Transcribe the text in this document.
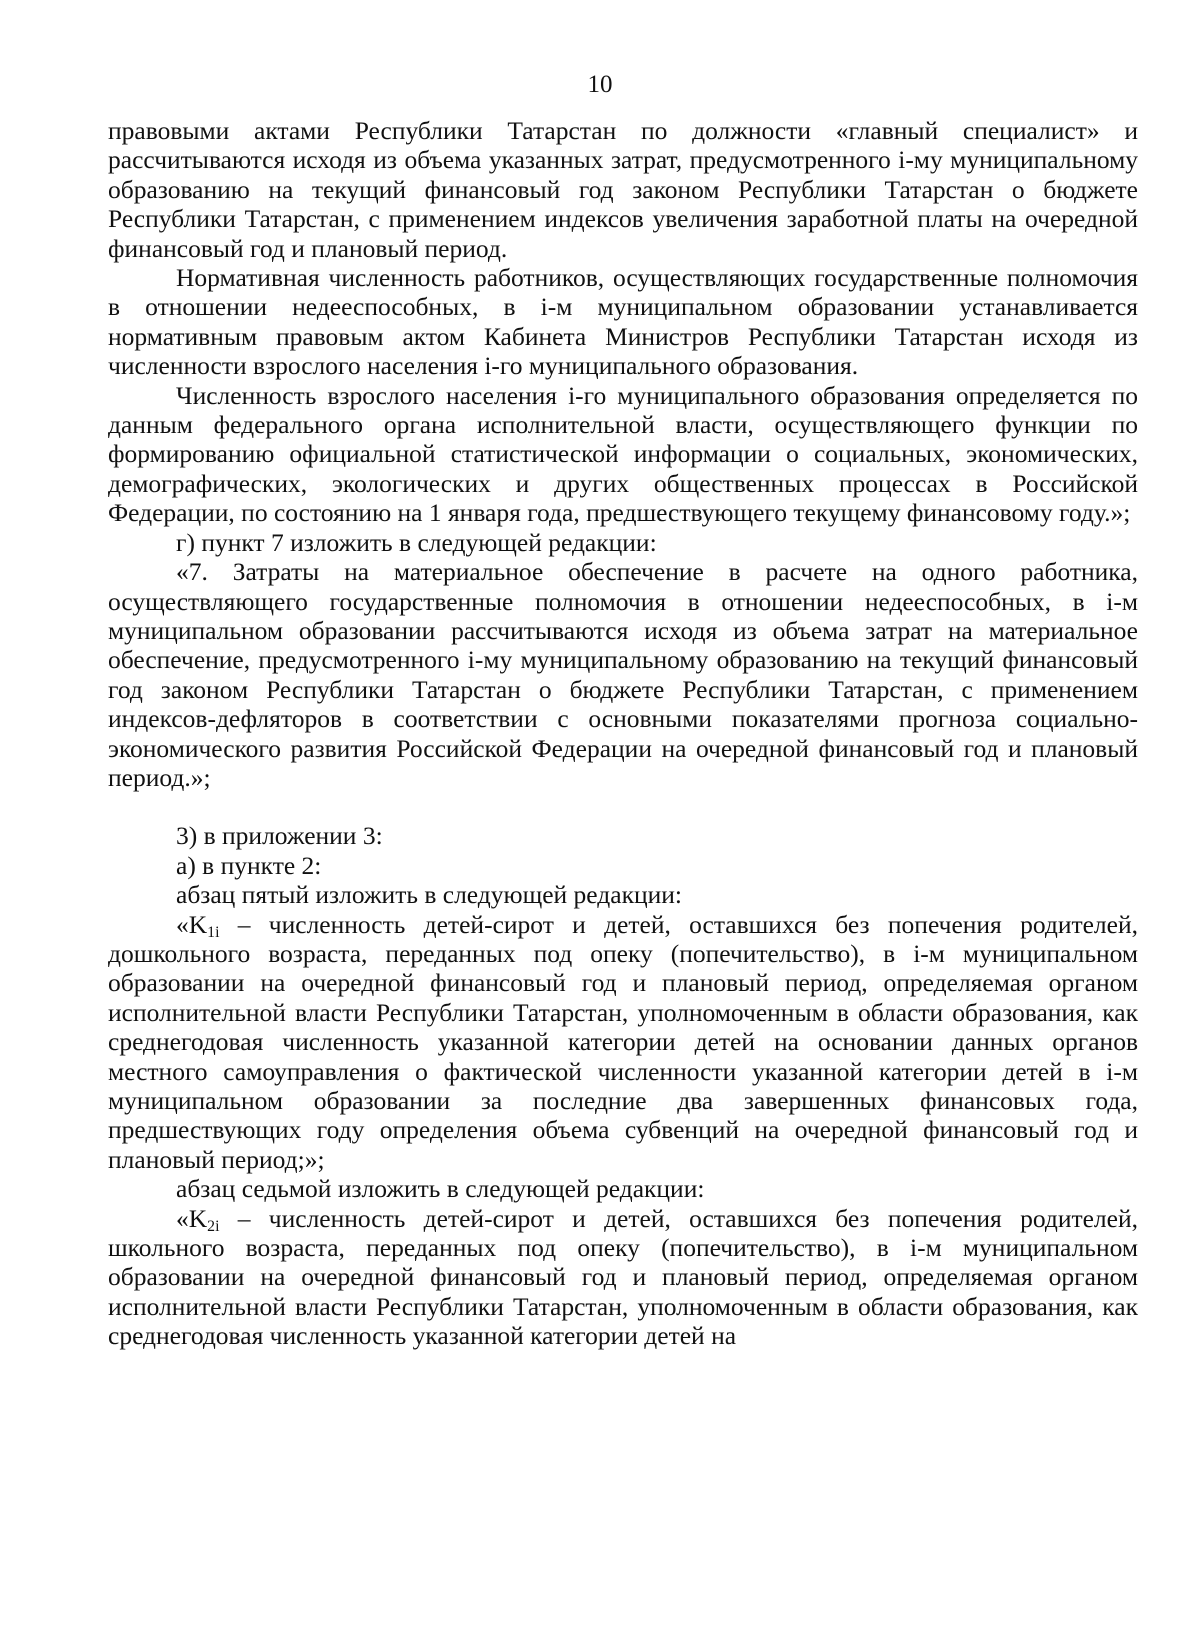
10

правовыми актами Республики Татарстан по должности «главный специалист» и рассчитываются исходя из объема указанных затрат, предусмотренного i-му муниципальному образованию на текущий финансовый год законом Республики Татарстан о бюджете Республики Татарстан, с применением индексов увеличения заработной платы на очередной финансовый год и плановый период.

Нормативная численность работников, осуществляющих государственные полномочия в отношении недееспособных, в i-м муниципальном образовании устанавливается нормативным правовым актом Кабинета Министров Республики Татарстан исходя из численности взрослого населения i-го муниципального образования.

Численность взрослого населения i-го муниципального образования определяется по данным федерального органа исполнительной власти, осуществляющего функции по формированию официальной статистической информации о социальных, экономических, демографических, экологических и других общественных процессах в Российской Федерации, по состоянию на 1 января года, предшествующего текущему финансовому году.»;

г) пункт 7 изложить в следующей редакции:

«7. Затраты на материальное обеспечение в расчете на одного работника, осуществляющего государственные полномочия в отношении недееспособных, в i-м муниципальном образовании рассчитываются исходя из объема затрат на материальное обеспечение, предусмотренного i-му муниципальному образованию на текущий финансовый год законом Республики Татарстан о бюджете Республики Татарстан, с применением индексов-дефляторов в соответствии с основными показателями прогноза социально-экономического развития Российской Федерации на очередной финансовый год и плановый период.»;

3) в приложении 3:

а) в пункте 2:

абзац пятый изложить в следующей редакции:

«$K_{1i}$ – численность детей-сирот и детей, оставшихся без попечения родителей, дошкольного возраста, переданных под опеку (попечительство), в i-м муниципальном образовании на очередной финансовый год и плановый период, определяемая органом исполнительной власти Республики Татарстан, уполномоченным в области образования, как среднегодовая численность указанной категории детей на основании данных органов местного самоуправления о фактической численности указанной категории детей в i-м муниципальном образовании за последние два завершенных финансовых года, предшествующих году определения объема субвенций на очередной финансовый год и плановый период;»;

абзац седьмой изложить в следующей редакции:

«$K_{2i}$ – численность детей-сирот и детей, оставшихся без попечения родителей, школьного возраста, переданных под опеку (попечительство), в i-м муниципальном образовании на очередной финансовый год и плановый период, определяемая органом исполнительной власти Республики Татарстан, уполномоченным в области образования, как среднегодовая численность указанной категории детей на
